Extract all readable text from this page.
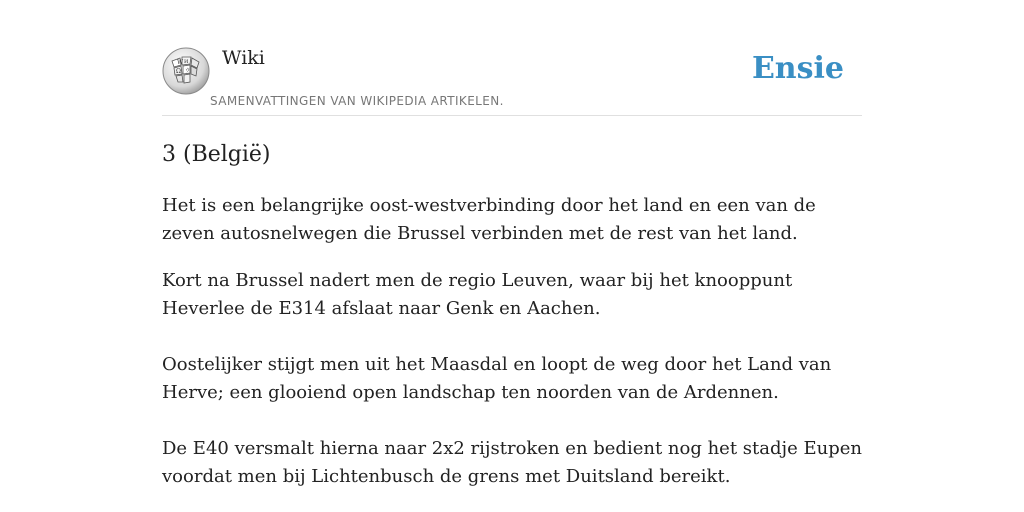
W И
Ω ウ
Wiki
SAMENVATTINGEN VAN WIKIPEDIA ARTIKELEN.
Ensie
3 (België)

Het is een belangrijke oost-westverbinding door het land en een van de zeven autosnelwegen die Brussel verbinden met de rest van het land.

Kort na Brussel nadert men de regio Leuven, waar bij het knooppunt Heverlee de E314 afslaat naar Genk en Aachen.

Oostelijker stijgt men uit het Maasdal en loopt de weg door het Land van Herve; een glooiend open landschap ten noorden van de Ardennen.

De E40 versmalt hierna naar 2x2 rijstroken en bedient nog het stadje Eupen voordat men bij Lichtenbusch de grens met Duitsland bereikt.
